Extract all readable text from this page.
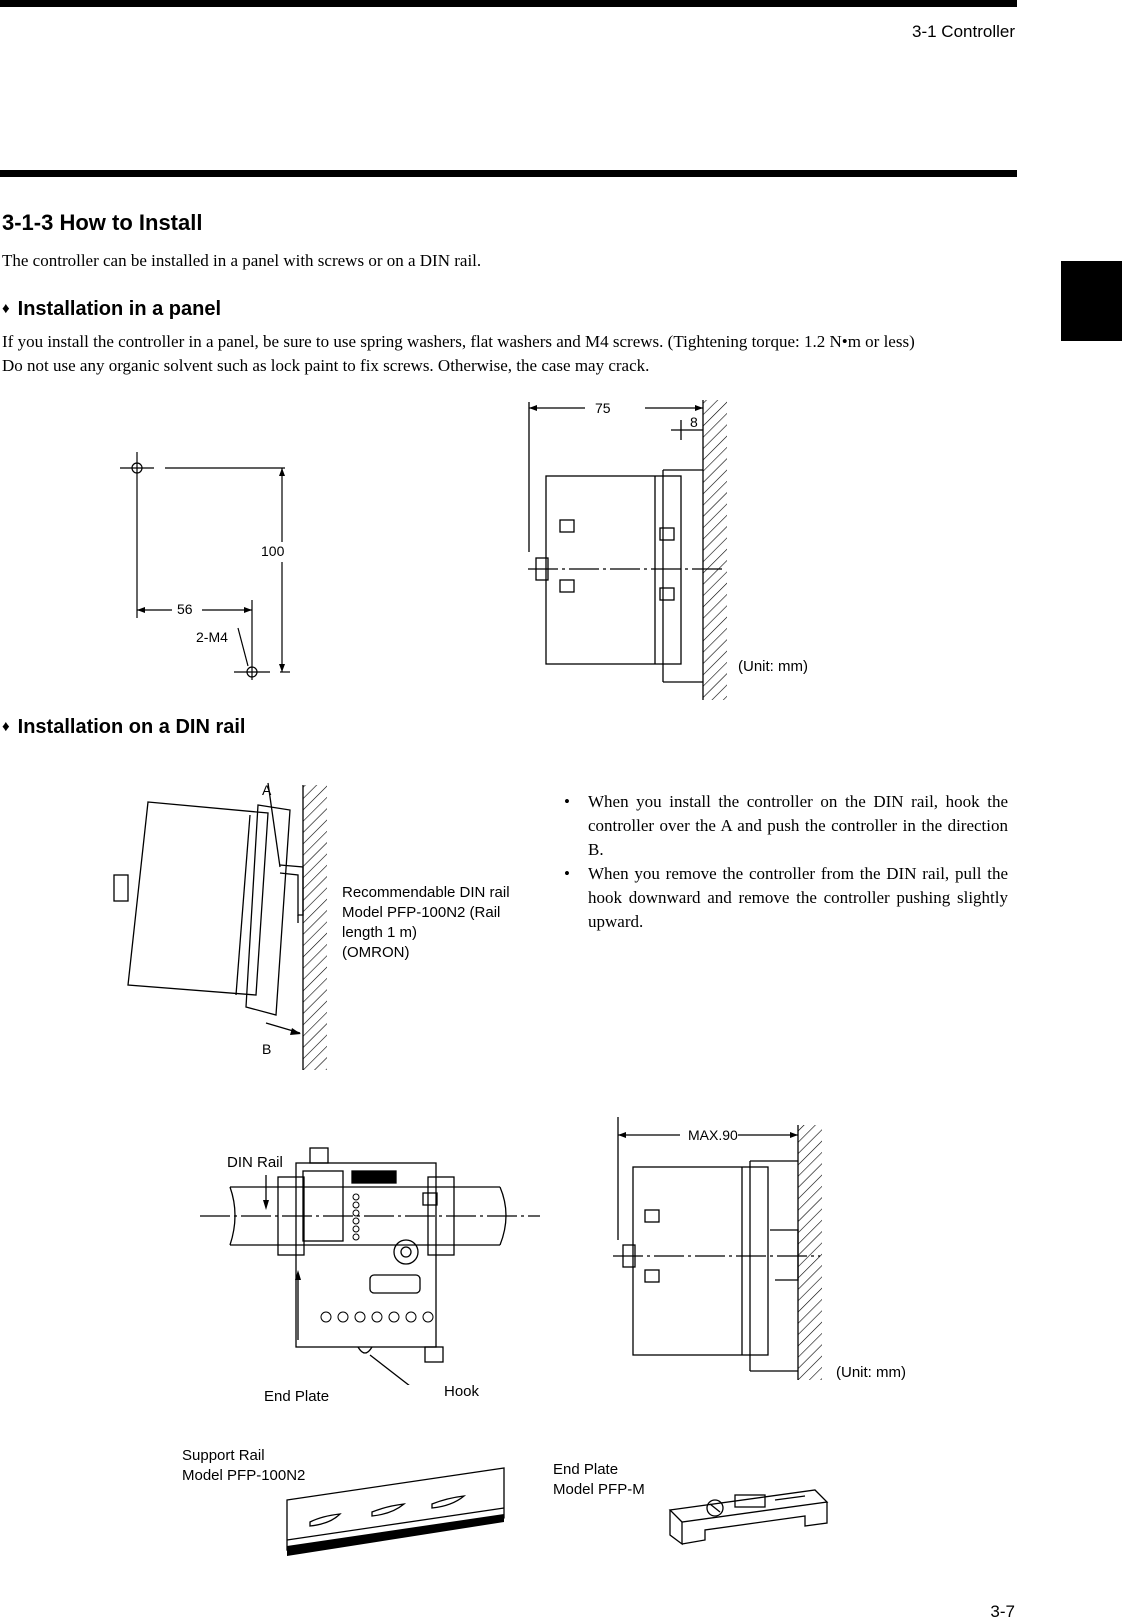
3-1 Controller
3-1-3 How to Install
The controller can be installed in a panel with screws or on a DIN rail.
♦ Installation in a panel
If you install the controller in a panel, be sure to use spring washers, flat washers and M4 screws. (Tightening torque: 1.2 N•m or less)
Do not use any organic solvent such as lock paint to fix screws. Otherwise, the case may crack.
100
56
2-M4
75
8
(Unit: mm)
♦ Installation on a DIN rail
A
B
Recommendable DIN rail
Model PFP-100N2 (Rail
length 1 m)
(OMRON)
• When you install the controller on the DIN rail, hook the controller over the A and push the controller in the direction B.
• When you remove the controller from the DIN rail, pull the hook downward and remove the controller pushing slightly upward.
DIN Rail
End Plate	Hook
MAX.90
(Unit: mm)
Support Rail
Model PFP-100N2	End Plate
Model PFP-M
3-7
